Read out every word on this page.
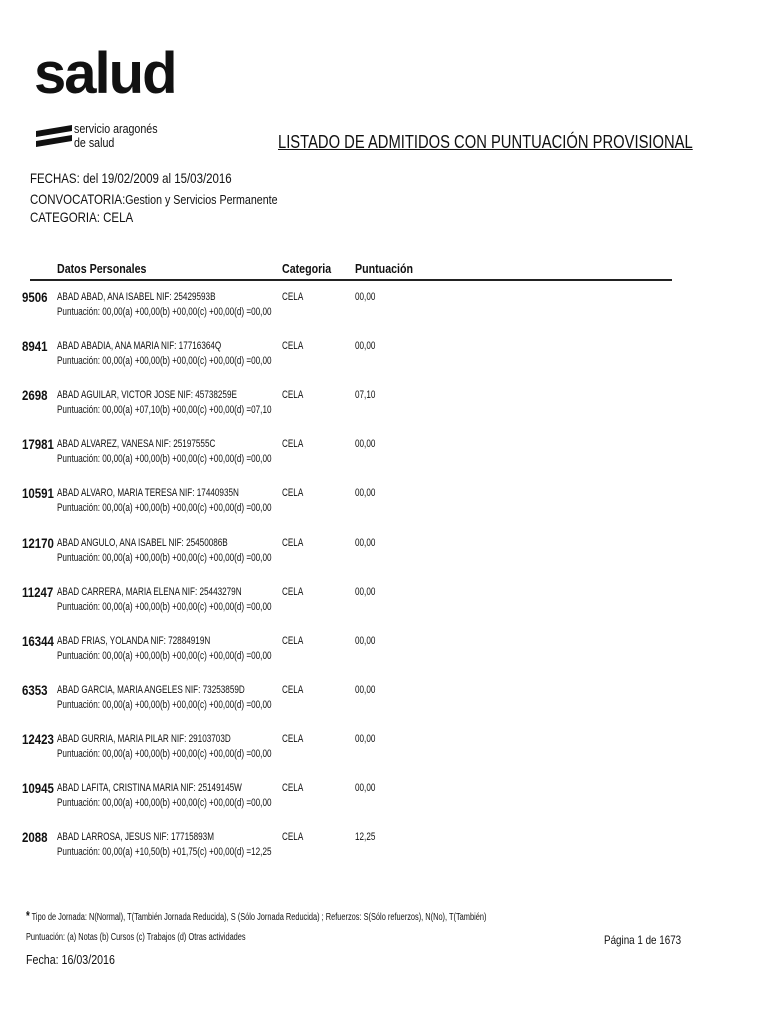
salud
servicio aragonés
de salud	LISTADO DE ADMITIDOS CON PUNTUACIÓN PROVISIONAL
FECHAS: del 19/02/2009 al 15/03/2016
CONVOCATORIA:Gestion y Servicios Permanente
CATEGORIA: CELA
Datos Personales	Categoria Puntuación
9506 ABAD ABAD, ANA ISABEL NIF: 25429593B
Puntuación: 00,00(a) +00,00(b) +00,00(c) +00,00(d) =00,00
CELA	00,00
8941 ABAD ABADIA, ANA MARIA NIF: 17716364Q
Puntuación: 00,00(a) +00,00(b) +00,00(c) +00,00(d) =00,00
CELA	00,00
2698 ABAD AGUILAR, VICTOR JOSE NIF: 45738259E
Puntuación: 00,00(a) +07,10(b) +00,00(c) +00,00(d) =07,10
CELA	07,10
17981 ABAD ALVAREZ, VANESA NIF: 25197555C
Puntuación: 00,00(a) +00,00(b) +00,00(c) +00,00(d) =00,00
CELA	00,00
10591 ABAD ALVARO, MARIA TERESA NIF: 17440935N
Puntuación: 00,00(a) +00,00(b) +00,00(c) +00,00(d) =00,00
CELA	00,00
12170 ABAD ANGULO, ANA ISABEL NIF: 25450086B
Puntuación: 00,00(a) +00,00(b) +00,00(c) +00,00(d) =00,00
CELA	00,00
11247 ABAD CARRERA, MARIA ELENA NIF: 25443279N
Puntuación: 00,00(a) +00,00(b) +00,00(c) +00,00(d) =00,00
CELA	00,00
16344 ABAD FRIAS, YOLANDA NIF: 72884919N
Puntuación: 00,00(a) +00,00(b) +00,00(c) +00,00(d) =00,00
CELA	00,00
6353 ABAD GARCIA, MARIA ANGELES NIF: 73253859D
Puntuación: 00,00(a) +00,00(b) +00,00(c) +00,00(d) =00,00
CELA	00,00
12423 ABAD GURRIA, MARIA PILAR NIF: 29103703D
Puntuación: 00,00(a) +00,00(b) +00,00(c) +00,00(d) =00,00
CELA	00,00
10945 ABAD LAFITA, CRISTINA MARIA NIF: 25149145W
Puntuación: 00,00(a) +00,00(b) +00,00(c) +00,00(d) =00,00
CELA	00,00
2088 ABAD LARROSA, JESUS NIF: 17715893M
Puntuación: 00,00(a) +10,50(b) +01,75(c) +00,00(d) =12,25
CELA	12,25
* Tipo de Jornada: N(Normal), T(También Jornada Reducida), S (Sólo Jornada Reducida) ; Refuerzos: S(Sólo refuerzos), N(No), T(También)
Puntuación: (a) Notas (b) Cursos (c) Trabajos (d) Otras actividades	Página 1 de 1673
Fecha: 16/03/2016
